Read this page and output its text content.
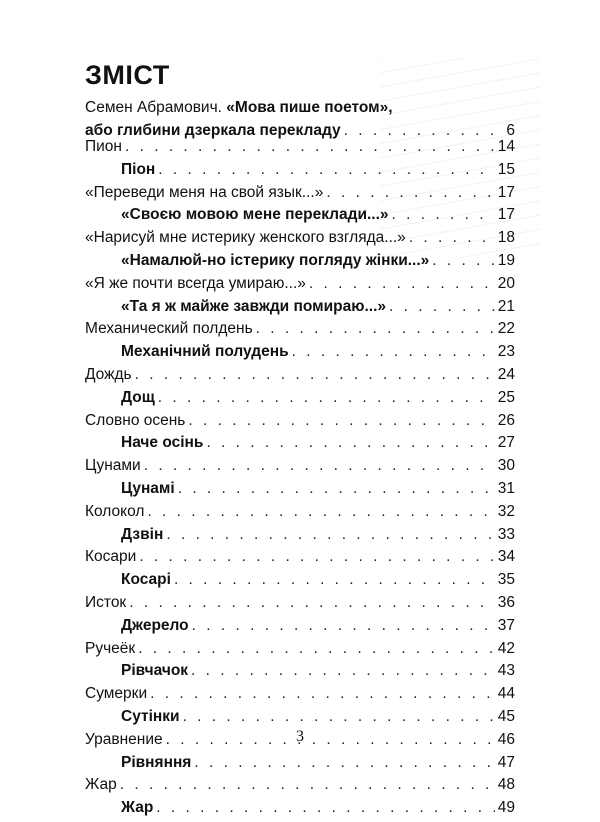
ЗМІСТ
Семен Абрамович. «Мова пише поетом»,
або глибини дзеркала перекладу . . .	6
Пион . . .	14
Піон . . .	15
«Переведи меня на свой язык...» . . .	17
«Своєю мовою мене переклади...» . . .	17
«Нарисуй мне истерику женского взгляда...» . . .	18
«Намалюй-но істерику погляду жінки...» . . .	19
«Я же почти всегда умираю...» . . .	20
«Та я ж майже завжди помираю...» . . .	21
Механический полдень . . .	22
Механічний полудень . . .	23
Дождь . . .	24
Дощ . . .	25
Словно осень . . .	26
Наче осінь . . .	27
Цунами . . .	30
Цунамі . . .	31
Колокол . . .	32
Дзвін . . .	33
Косари . . .	34
Косарі . . .	35
Исток . . .	36
Джерело . . .	37
Ручеёк . . .	42
Рівчачок . . .	43
Сумерки . . .	44
Сутінки . . .	45
Уравнение . . .	46
Рівняння . . .	47
Жар . . .	48
Жар . . .	49
3
